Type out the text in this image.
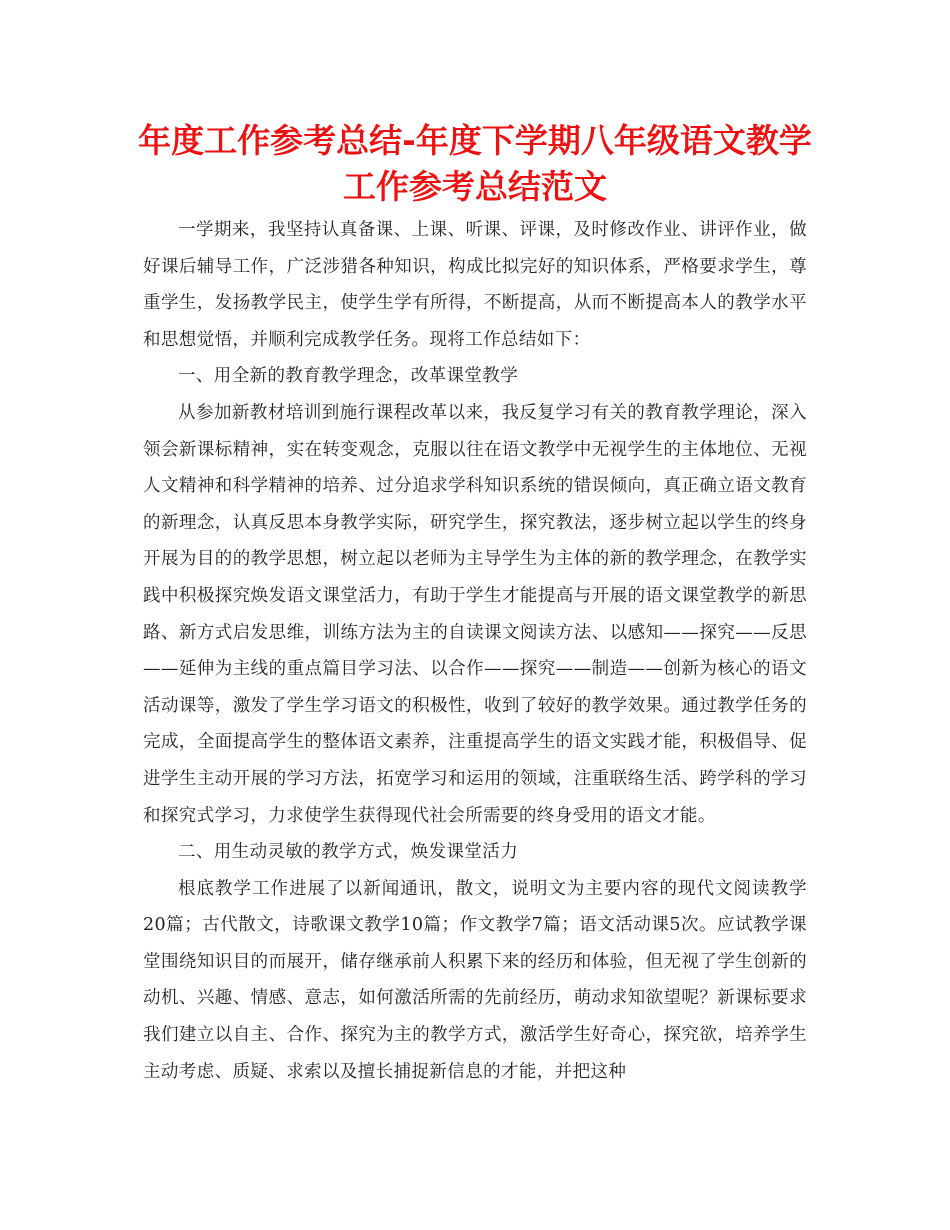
年度工作参考总结-年度下学期八年级语文教学工作参考总结范文

一学期来，我坚持认真备课、上课、听课、评课，及时修改作业、讲评作业，做好课后辅导工作，广泛涉猎各种知识，构成比拟完好的知识体系，严格要求学生，尊重学生，发扬教学民主，使学生学有所得，不断提高，从而不断提高本人的教学水平和思想觉悟，并顺利完成教学任务。现将工作总结如下：

一、用全新的教育教学理念，改革课堂教学

从参加新教材培训到施行课程改革以来，我反复学习有关的教育教学理论，深入领会新课标精神，实在转变观念，克服以往在语文教学中无视学生的主体地位、无视人文精神和科学精神的培养、过分追求学科知识系统的错误倾向，真正确立语文教育的新理念，认真反思本身教学实际，研究学生，探究教法，逐步树立起以学生的终身开展为目的的教学思想，树立起以老师为主导学生为主体的新的教学理念，在教学实践中积极探究焕发语文课堂活力，有助于学生才能提高与开展的语文课堂教学的新思路、新方式启发思维，训练方法为主的自读课文阅读方法、以感知——探究——反思——延伸为主线的重点篇目学习法、以合作——探究——制造——创新为核心的语文活动课等，激发了学生学习语文的积极性，收到了较好的教学效果。通过教学任务的完成，全面提高学生的整体语文素养，注重提高学生的语文实践才能，积极倡导、促进学生主动开展的学习方法，拓宽学习和运用的领域，注重联络生活、跨学科的学习和探究式学习，力求使学生获得现代社会所需要的终身受用的语文才能。

二、用生动灵敏的教学方式，焕发课堂活力

根底教学工作进展了以新闻通讯，散文，说明文为主要内容的现代文阅读教学20篇；古代散文，诗歌课文教学10篇；作文教学7篇；语文活动课5次。应试教学课堂围绕知识目的而展开，储存继承前人积累下来的经历和体验，但无视了学生创新的动机、兴趣、情感、意志，如何激活所需的先前经历，萌动求知欲望呢？新课标要求我们建立以自主、合作、探究为主的教学方式，激活学生好奇心，探究欲，培养学生主动考虑、质疑、求索以及擅长捕捉新信息的才能，并把这种
